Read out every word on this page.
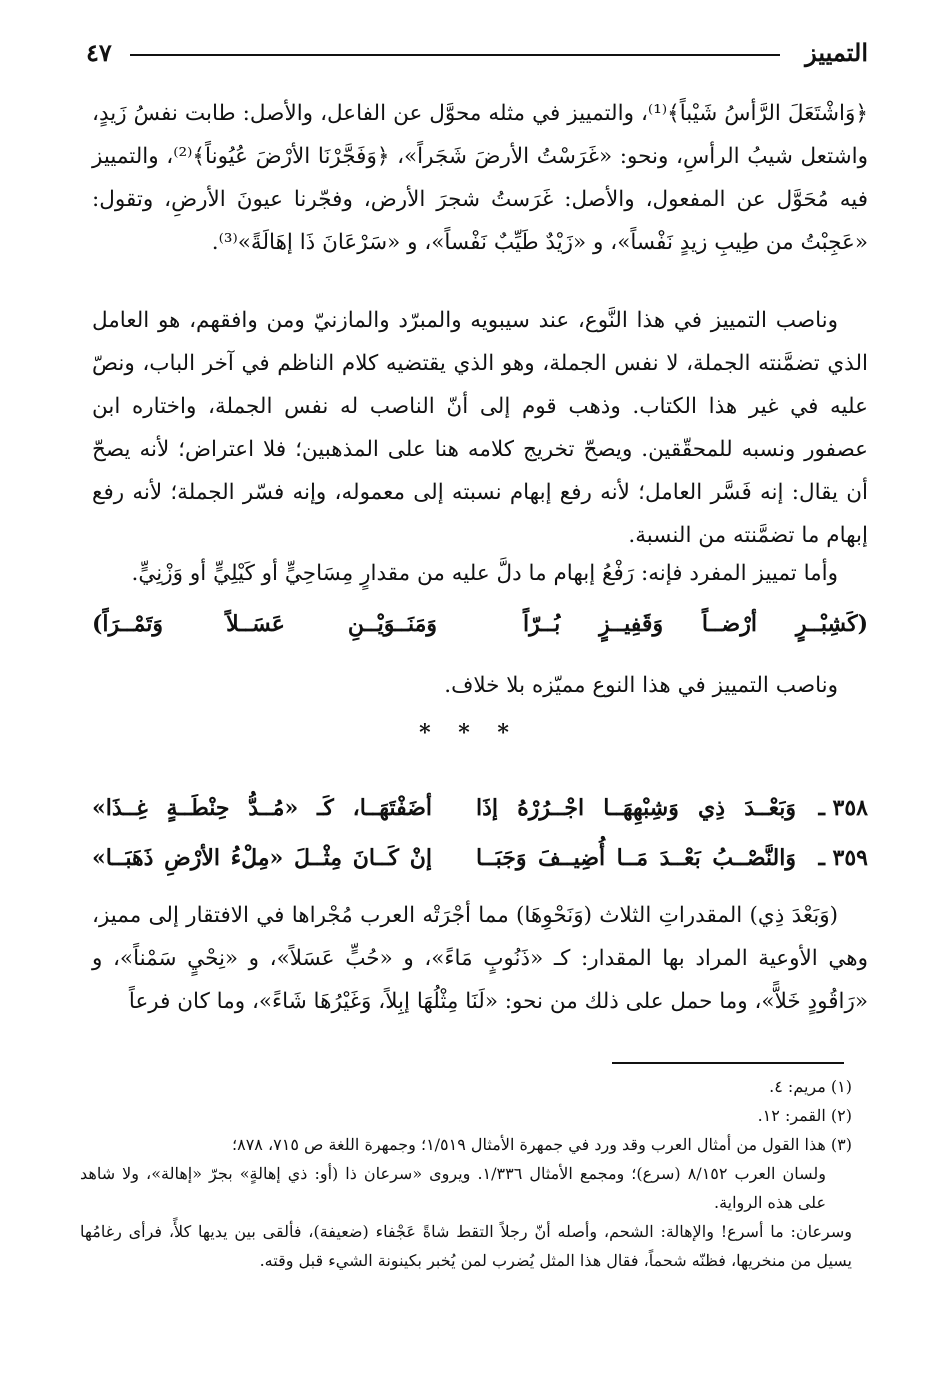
التمييز
٤٧

﴿وَاشْتَعَلَ الرَّأسُ شَيْباً﴾⁽¹⁾، والتمييز في مثله محوَّل عن الفاعل، والأصل: طابت نفسُ زَيدٍ، واشتعل شيبُ الرأسِ، ونحو: «غَرَسْتُ الأرضَ شَجَراً»، ﴿وَفَجَّرْنَا الأرْضَ عُيُوناً﴾⁽²⁾، والتمييز فيه مُحَوَّل عن المفعول، والأصل: غَرَستُ شجرَ الأرض، وفجّرنا عيونَ الأرضِ، وتقول: «عَجِبْتُ من طِيبِ زيدٍ نَفْساً»، و «زَيْدٌ طَيِّبٌ نَفْساً»، و «سَرْعَانَ ذَا إهَالَةً»⁽³⁾.

وناصب التمييز في هذا النَّوع، عند سيبويه والمبرّد والمازنيّ ومن وافقهم، هو العامل الذي تضمَّنته الجملة، لا نفس الجملة، وهو الذي يقتضيه كلام الناظم في آخر الباب، ونصّ عليه في غير هذا الكتاب. وذهب قوم إلى أنّ الناصب له نفس الجملة، واختاره ابن عصفور ونسبه للمحقّقين. ويصحّ تخريج كلامه هنا على المذهبين؛ فلا اعتراض؛ لأنه يصحّ أن يقال: إنه فَسَّر العامل؛ لأنه رفع إبهام نسبته إلى معموله، وإنه فسّر الجملة؛ لأنه رفع إبهام ما تضمَّنته من النسبة.

وأما تمييز المفرد فإنه: رَفْعُ إبهام ما دلَّ عليه من مقدارٍ مِسَاحِيٍّ أو كَيْلِيٍّ أو وَزْنِيٍّ.

(كَشِبْــرٍ أرْضــاً وَقَفِيــزٍ بُــرّاً
وَمَنَــوَيْــنِ عَسَــلاً وَتَمْــرَاً)

وناصب التمييز في هذا النوع مميّزه بلا خلاف.

* * *
٣٥٨ ـ
وَبَعْــدَ ذِي وَشِبْهِهَــا اجْــرُرْهُ إذَا
أضَفْتَهَــا، كَـ «مُــدُّ حِنْطَــةٍ غِــذَا»
٣٥٩ ـ
وَالنَّصْــبُ بَعْــدَ مَــا أُضِيــفَ وَجَبَــا
إنْ كَــانَ مِثْــلَ «مِلْءُ الأرْضِ ذَهَبَــا»

(وَبَعْدَ ذِي) المقدراتِ الثلاث (وَنَحْوِهَا) مما أجْرَتْه العرب مُجْراها في الافتقار إلى مميز، وهي الأوعية المراد بها المقدار: كـ «ذَنُوبٍ مَاءً»، و «حُبٍّ عَسَلاً»، و «نِحْيٍ سَمْناً»، و «رَاقُودٍ خَلاًّ»، وما حمل على ذلك من نحو: «لَنَا مِثْلُهَا إبِلاً، وَغَيْرُهَا شَاءً»، وما كان فرعاً

(١) مريم: ٤.
(٢) القمر: ١٢.
(٣) هذا القول من أمثال العرب وقد ورد في جمهرة الأمثال ١/٥١٩؛ وجمهرة اللغة ص ٧١٥، ٨٧٨؛
ولسان العرب ٨/١٥٢ (سرع)؛ ومجمع الأمثال ١/٣٣٦. ويروى «سرعان ذا (أو: ذي إهالةٍ» بجرّ «إهالة»، ولا شاهد على هذه الرواية.
وسرعان: ما أسرع! والإهالة: الشحم، وأصله أنّ رجلاً التقط شاةً عَجْفاء (ضعيفة)، فألقى بين يديها كلأً، فرأى رغامُها يسيل من منخريها، فظنّه شحماً، فقال هذا المثل يُضرب لمن يُخبر بكينونة الشيء قبل وقته.
